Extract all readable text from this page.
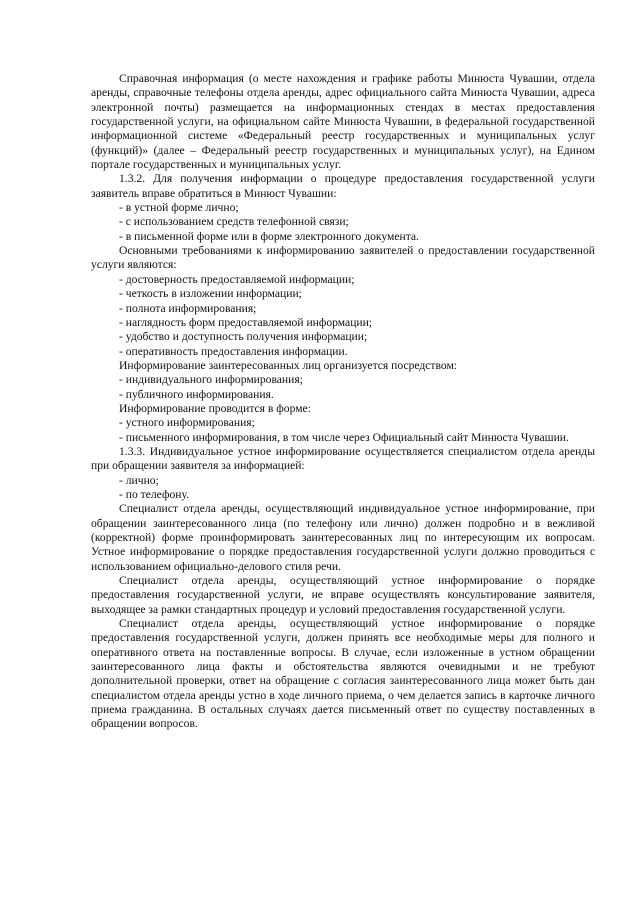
Справочная информация (о месте нахождения и графике работы Минюста Чувашии, отдела аренды, справочные телефоны отдела аренды, адрес официального сайта Минюста Чувашии, адреса электронной почты) размещается на информационных стендах в местах предоставления государственной услуги, на официальном сайте Минюста Чувашии, в федеральной государственной информационной системе «Федеральный реестр государственных и муниципальных услуг (функций)» (далее – Федеральный реестр государственных и муниципальных услуг), на Едином портале государственных и муниципальных услуг.

1.3.2. Для получения информации о процедуре предоставления государственной услуги заявитель вправе обратиться в Минюст Чувашии:

- в устной форме лично;

- с использованием средств телефонной связи;

- в письменной форме или в форме электронного документа.

Основными требованиями к информированию заявителей о предоставлении государственной услуги являются:

- достоверность предоставляемой информации;

- четкость в изложении информации;

- полнота информирования;

- наглядность форм предоставляемой информации;

- удобство и доступность получения информации;

- оперативность предоставления информации.

Информирование заинтересованных лиц организуется посредством:

- индивидуального информирования;

- публичного информирования.

Информирование проводится в форме:

- устного информирования;

- письменного информирования, в том числе через Официальный сайт Минюста Чувашии.

1.3.3. Индивидуальное устное информирование осуществляется специалистом отдела аренды при обращении заявителя за информацией:

- лично;

- по телефону.

Специалист отдела аренды, осуществляющий индивидуальное устное информирование, при обращении заинтересованного лица (по телефону или лично) должен подробно и в вежливой (корректной) форме проинформировать заинтересованных лиц по интересующим их вопросам. Устное информирование о порядке предоставления государственной услуги должно проводиться с использованием официально-делового стиля речи.

Специалист отдела аренды, осуществляющий устное информирование о порядке предоставления государственной услуги, не вправе осуществлять консультирование заявителя, выходящее за рамки стандартных процедур и условий предоставления государственной услуги.

Специалист отдела аренды, осуществляющий устное информирование о порядке предоставления государственной услуги, должен принять все необходимые меры для полного и оперативного ответа на поставленные вопросы. В случае, если изложенные в устном обращении заинтересованного лица факты и обстоятельства являются очевидными и не требуют дополнительной проверки, ответ на обращение с согласия заинтересованного лица может быть дан специалистом отдела аренды устно в ходе личного приема, о чем делается запись в карточке личного приема гражданина. В остальных случаях дается письменный ответ по существу поставленных в обращении вопросов.
